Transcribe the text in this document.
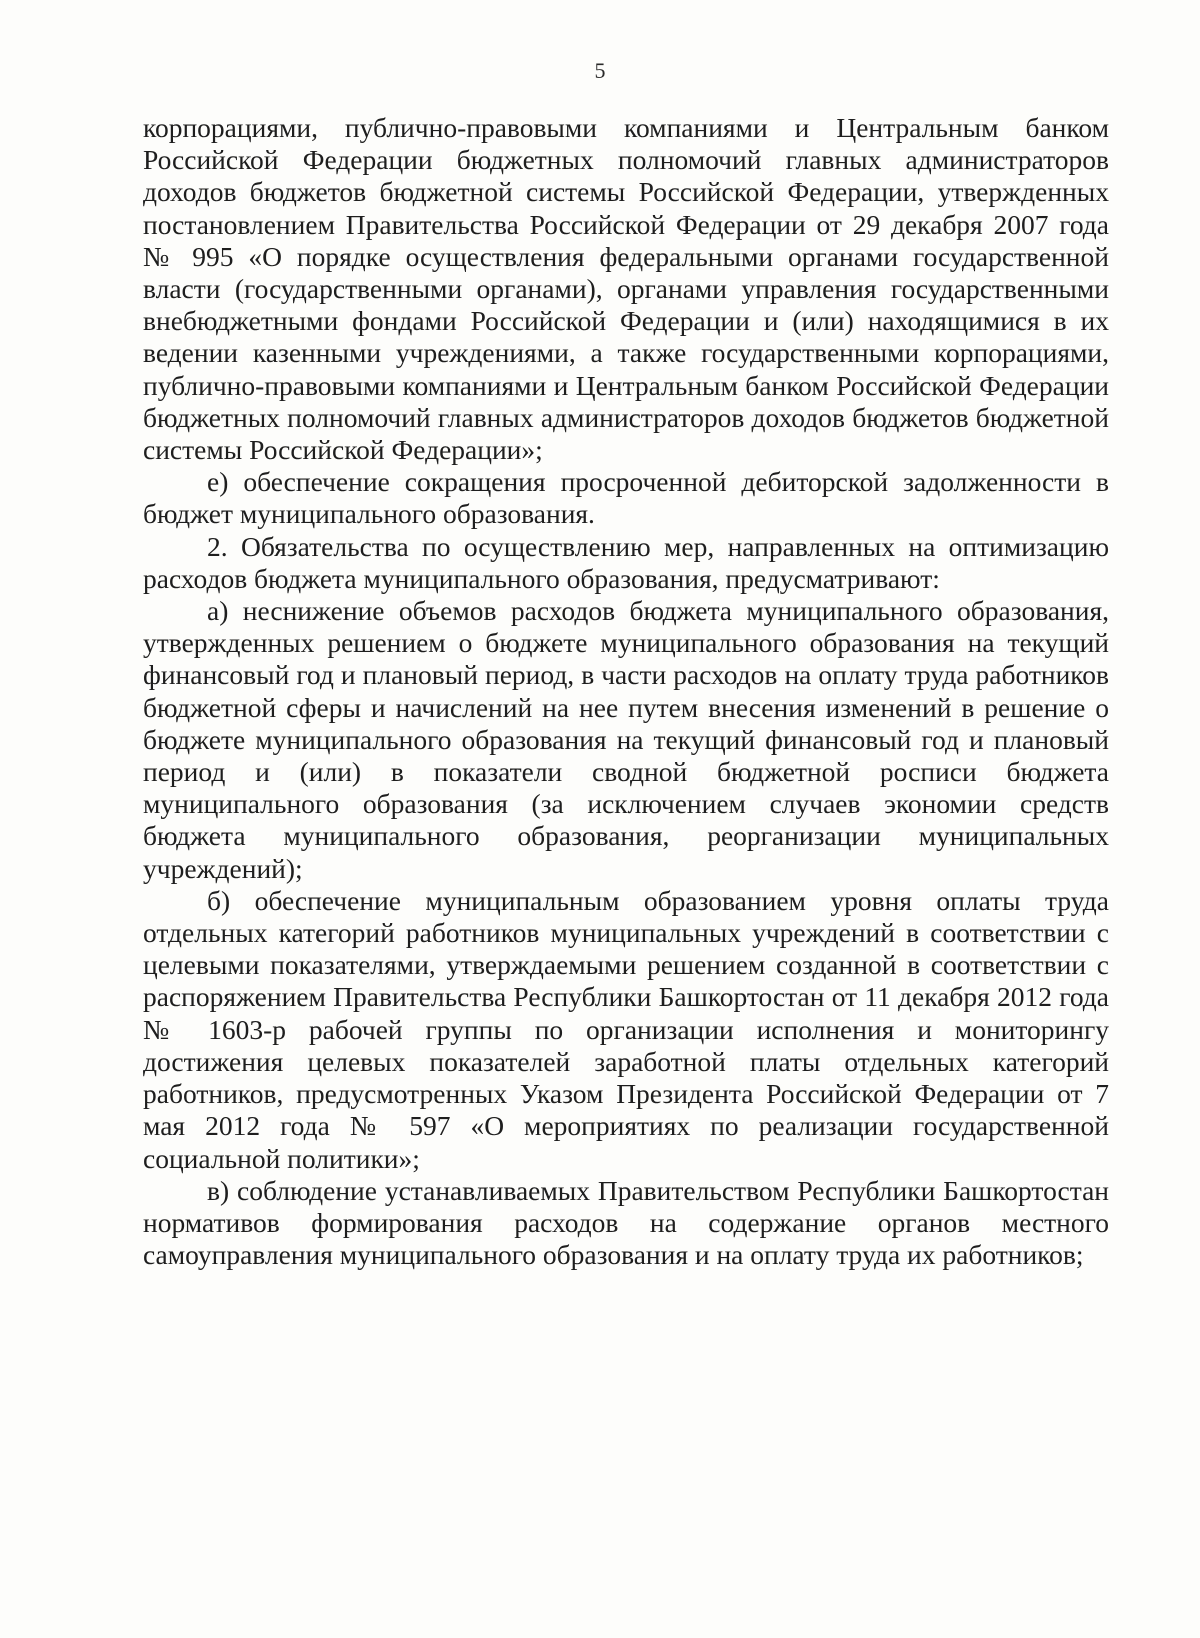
5

корпорациями, публично-правовыми компаниями и Центральным банком Российской Федерации бюджетных полномочий главных администраторов доходов бюджетов бюджетной системы Российской Федерации, утвержденных постановлением Правительства Российской Федерации от 29 декабря 2007 года № 995 «О порядке осуществления федеральными органами государственной власти (государственными органами), органами управления государственными внебюджетными фондами Российской Федерации и (или) находящимися в их ведении казенными учреждениями, а также государственными корпорациями, публично-правовыми компаниями и Центральным банком Российской Федерации бюджетных полномочий главных администраторов доходов бюджетов бюджетной системы Российской Федерации»;

е) обеспечение сокращения просроченной дебиторской задолженности в бюджет муниципального образования.

2. Обязательства по осуществлению мер, направленных на оптимизацию расходов бюджета муниципального образования, предусматривают:

а) неснижение объемов расходов бюджета муниципального образования, утвержденных решением о бюджете муниципального образования на текущий финансовый год и плановый период, в части расходов на оплату труда работников бюджетной сферы и начислений на нее путем внесения изменений в решение о бюджете муниципального образования на текущий финансовый год и плановый период и (или) в показатели сводной бюджетной росписи бюджета муниципального образования (за исключением случаев экономии средств бюджета муниципального образования, реорганизации муниципальных учреждений);

б) обеспечение муниципальным образованием уровня оплаты труда отдельных категорий работников муниципальных учреждений в соответствии с целевыми показателями, утверждаемыми решением созданной в соответствии с распоряжением Правительства Республики Башкортостан от 11 декабря 2012 года № 1603-р рабочей группы по организации исполнения и мониторингу достижения целевых показателей заработной платы отдельных категорий работников, предусмотренных Указом Президента Российской Федерации от 7 мая 2012 года № 597 «О мероприятиях по реализации государственной социальной политики»;

в) соблюдение устанавливаемых Правительством Республики Башкортостан нормативов формирования расходов на содержание органов местного самоуправления муниципального образования и на оплату труда их работников;
